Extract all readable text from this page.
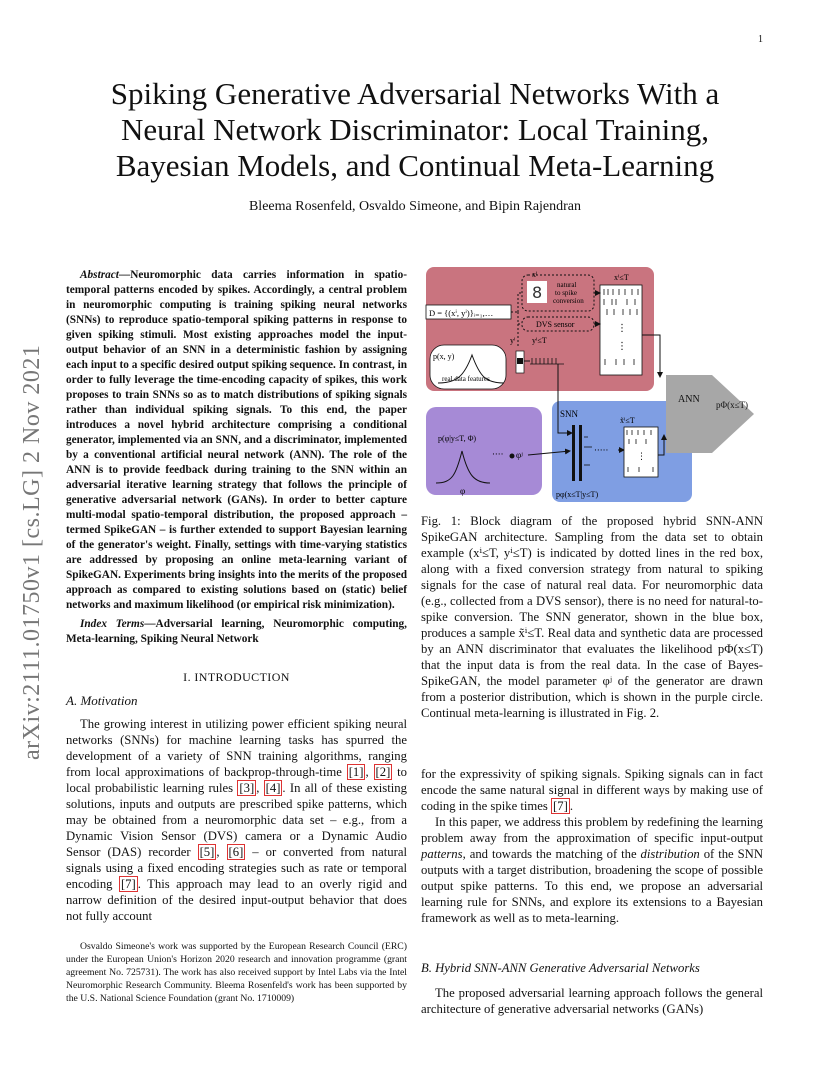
1
Spiking Generative Adversarial Networks With a
Neural Network Discriminator: Local Training,
Bayesian Models, and Continual Meta-Learning
Bleema Rosenfeld, Osvaldo Simeone, and Bipin Rajendran
arXiv:2111.01750v1 [cs.LG] 2 Nov 2021

Abstract—Neuromorphic data carries information in spatio-temporal patterns encoded by spikes. Accordingly, a central problem in neuromorphic computing is training spiking neural networks (SNNs) to reproduce spatio-temporal spiking patterns in response to given spiking stimuli. Most existing approaches model the input-output behavior of an SNN in a deterministic fashion by assigning each input to a specific desired output spiking sequence. In contrast, in order to fully leverage the time-encoding capacity of spikes, this work proposes to train SNNs so as to match distributions of spiking signals rather than individual spiking signals. To this end, the paper introduces a novel hybrid architecture comprising a conditional generator, implemented via an SNN, and a discriminator, implemented by a conventional artificial neural network (ANN). The role of the ANN is to provide feedback during training to the SNN within an adversarial iterative learning strategy that follows the principle of generative adversarial network (GANs). In order to better capture multi-modal spatio-temporal distribution, the proposed approach – termed SpikeGAN – is further extended to support Bayesian learning of the generator's weight. Finally, settings with time-varying statistics are addressed by proposing an online meta-learning variant of SpikeGAN. Experiments bring insights into the merits of the proposed approach as compared to existing solutions based on (static) belief networks and maximum likelihood (or empirical risk minimization).

Index Terms—Adversarial learning, Neuromorphic computing, Meta-learning, Spiking Neural Network

I. INTRODUCTION
A. Motivation

The growing interest in utilizing power efficient spiking neural networks (SNNs) for machine learning tasks has spurred the development of a variety of SNN training algorithms, ranging from local approximations of backprop-through-time [1] , [2] to local probabilistic learning rules [3] , [4] . In all of these existing solutions, inputs and outputs are prescribed spike patterns, which may be obtained from a neuromorphic data set – e.g., from a Dynamic Vision Sensor (DVS) camera or a Dynamic Audio Sensor (DAS) recorder [5] , [6] – or converted from natural signals using a fixed encoding strategies such as rate or temporal encoding [7] . This approach may lead to an overly rigid and narrow definition of the desired input-output behavior that does not fully account

Osvaldo Simeone's work was supported by the European Research Council (ERC) under the European Union's Horizon 2020 research and innovation programme (grant agreement No. 725731). The work has also received support by Intel Labs via the Intel Neuromorphic Research Community. Bleema Rosenfeld's work has been supported by the U.S. National Science Foundation (grant No. 1710009)

ANN pΦ(x≤T)
D = {(xⁱ, yⁱ)}ᵢ₌₁,…
8
xⁱ
natural
to spike
conversion
DVS sensor
xⁱ≤T
⋮
⋮
yⁱ yⁱ≤T
p(x, y)
real data features
SNN
·····
x̃ⁱ≤T
⋮
pφ(x≤T|y≤T)
p(φ|y≤T, Φ)
···· φʲ
φ

Fig. 1: Block diagram of the proposed hybrid SNN-ANN SpikeGAN architecture. Sampling from the data set to obtain example (xⁱ≤T, yⁱ≤T) is indicated by dotted lines in the red box, along with a fixed conversion strategy from natural to spiking signals for the case of natural real data. For neuromorphic data (e.g., collected from a DVS sensor), there is no need for natural-to-spike conversion. The SNN generator, shown in the blue box, produces a sample x̃ⁱ≤T. Real data and synthetic data are processed by an ANN discriminator that evaluates the likelihood pΦ(x≤T) that the input data is from the real data. In the case of Bayes-SpikeGAN, the model parameter φʲ of the generator are drawn from a posterior distribution, which is shown in the purple circle. Continual meta-learning is illustrated in Fig. 2.

for the expressivity of spiking signals. Spiking signals can in fact encode the same natural signal in different ways by making use of coding in the spike times [7] .

In this paper, we address this problem by redefining the learning problem away from the approximation of specific input-output patterns, and towards the matching of the distribution of the SNN outputs with a target distribution, broadening the scope of possible output spike patterns. To this end, we propose an adversarial learning rule for SNNs, and explore its extensions to a Bayesian framework as well as to meta-learning.

B. Hybrid SNN-ANN Generative Adversarial Networks

The proposed adversarial learning approach follows the general architecture of generative adversarial networks (GANs)
